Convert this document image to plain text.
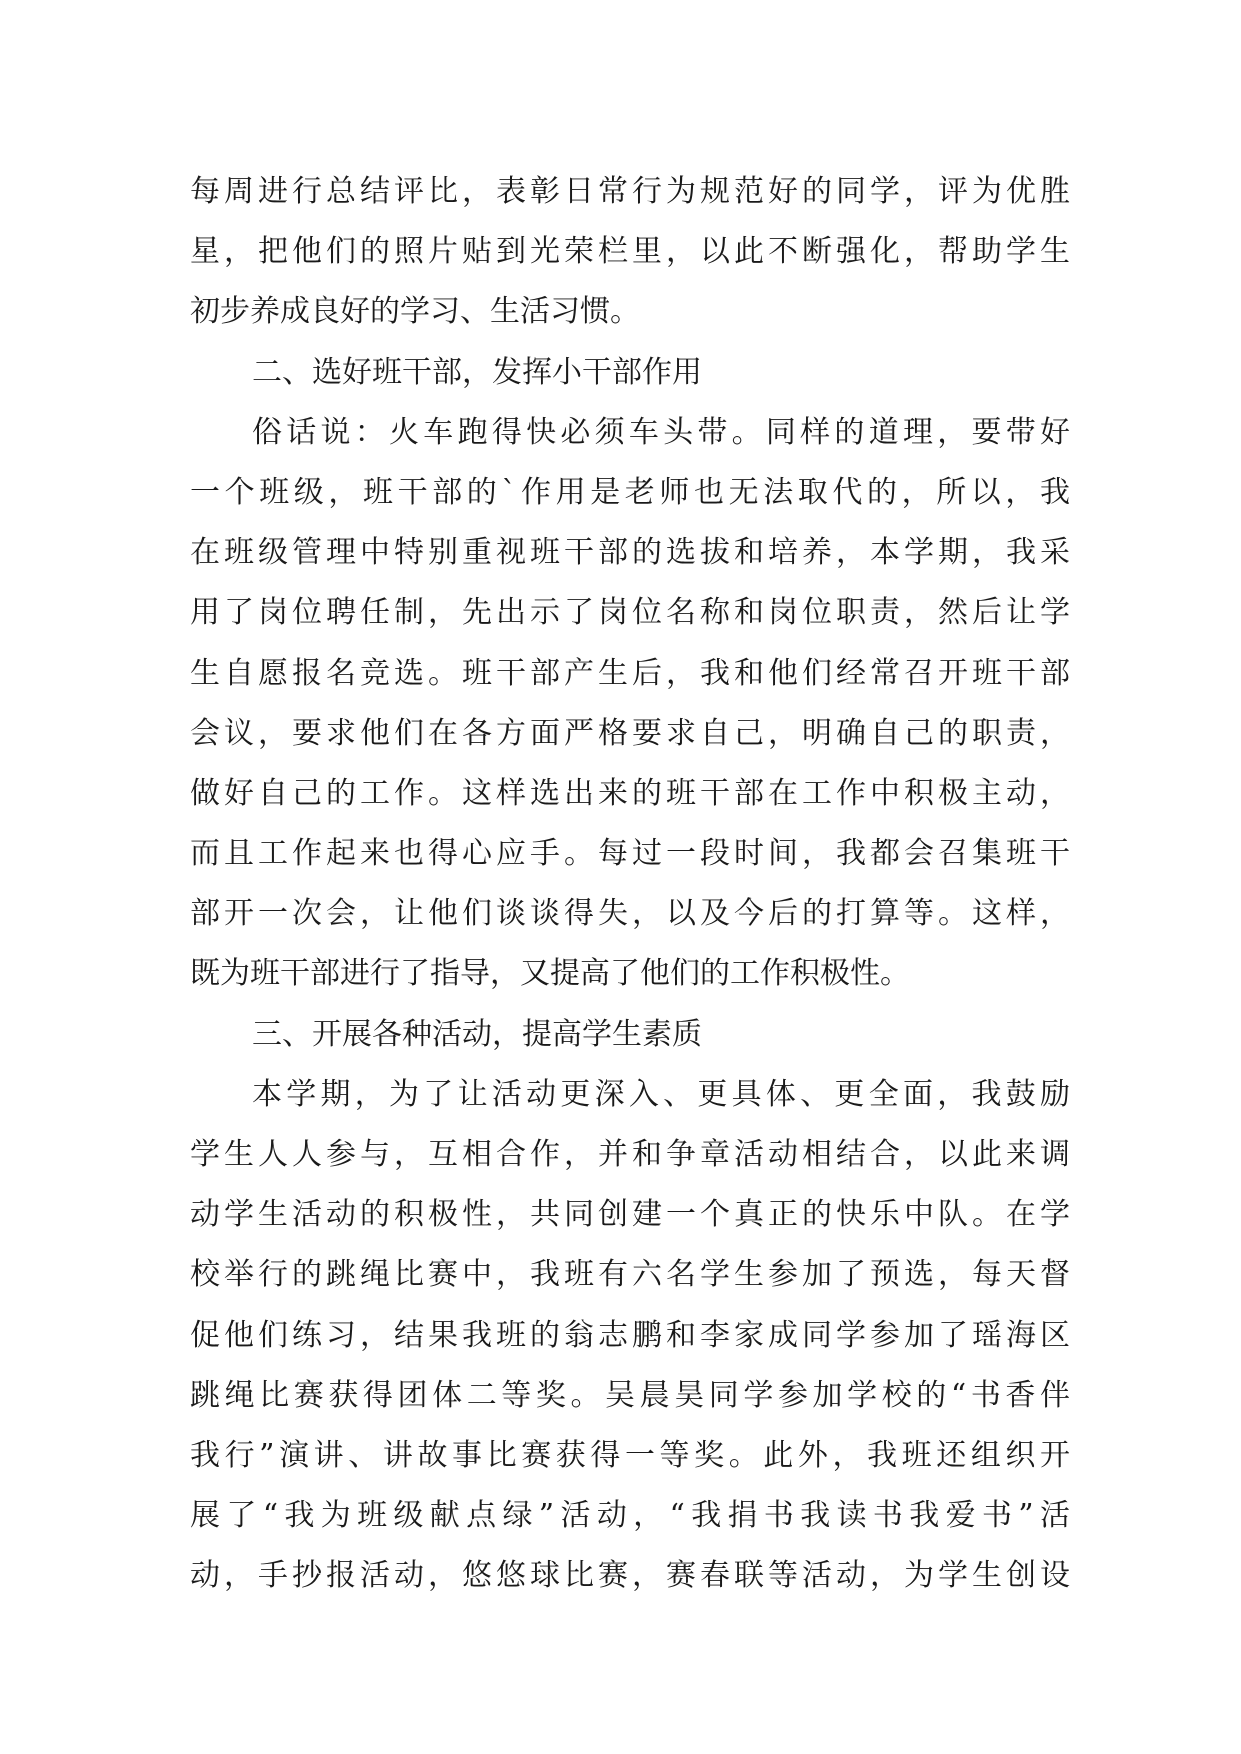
每周进行总结评比，表彰日常行为规范好的同学，评为优胜
星，把他们的照片贴到光荣栏里，以此不断强化，帮助学生
初步养成良好的学习、生活习惯。
二、选好班干部，发挥小干部作用
俗话说：火车跑得快必须车头带。同样的道理，要带好
一个班级，班干部的`作用是老师也无法取代的，所以，我
在班级管理中特别重视班干部的选拔和培养，本学期，我采
用了岗位聘任制，先出示了岗位名称和岗位职责，然后让学
生自愿报名竞选。班干部产生后，我和他们经常召开班干部
会议，要求他们在各方面严格要求自己，明确自己的职责，
做好自己的工作。这样选出来的班干部在工作中积极主动，
而且工作起来也得心应手。每过一段时间，我都会召集班干
部开一次会，让他们谈谈得失，以及今后的打算等。这样，
既为班干部进行了指导，又提高了他们的工作积极性。
三、开展各种活动，提高学生素质
本学期，为了让活动更深入、更具体、更全面，我鼓励
学生人人参与，互相合作，并和争章活动相结合，以此来调
动学生活动的积极性，共同创建一个真正的快乐中队。在学
校举行的跳绳比赛中，我班有六名学生参加了预选，每天督
促他们练习，结果我班的翁志鹏和李家成同学参加了瑶海区
跳绳比赛获得团体二等奖。吴晨昊同学参加学校的“书香伴
我行”演讲、讲故事比赛获得一等奖。此外，我班还组织开
展了“我为班级献点绿”活动，“我捐书我读书我爱书”活
动，手抄报活动，悠悠球比赛，赛春联等活动，为学生创设
